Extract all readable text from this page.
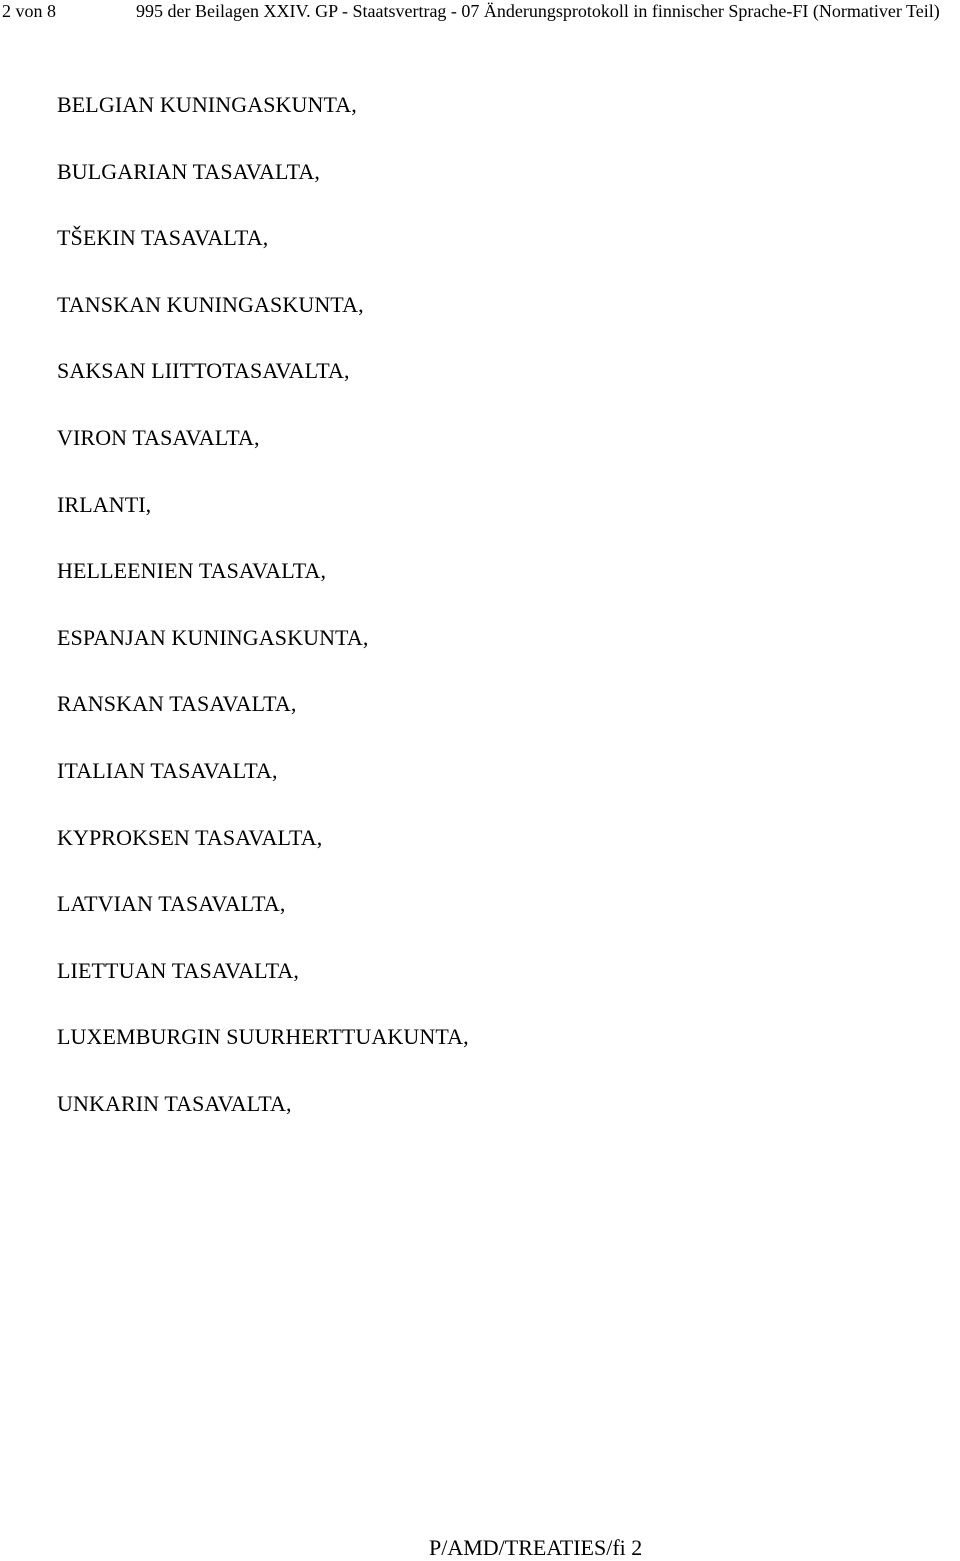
2 von 8	995 der Beilagen XXIV. GP - Staatsvertrag - 07 Änderungsprotokoll in finnischer Sprache-FI (Normativer Teil)
BELGIAN KUNINGASKUNTA,
BULGARIAN TASAVALTA,
TŠEKIN TASAVALTA,
TANSKAN KUNINGASKUNTA,
SAKSAN LIITTOTASAVALTA,
VIRON TASAVALTA,
IRLANTI,
HELLEENIEN TASAVALTA,
ESPANJAN KUNINGASKUNTA,
RANSKAN TASAVALTA,
ITALIAN TASAVALTA,
KYPROKSEN TASAVALTA,
LATVIAN TASAVALTA,
LIETTUAN TASAVALTA,
LUXEMBURGIN SUURHERTTUAKUNTA,
UNKARIN TASAVALTA,
P/AMD/TREATIES/fi 2
